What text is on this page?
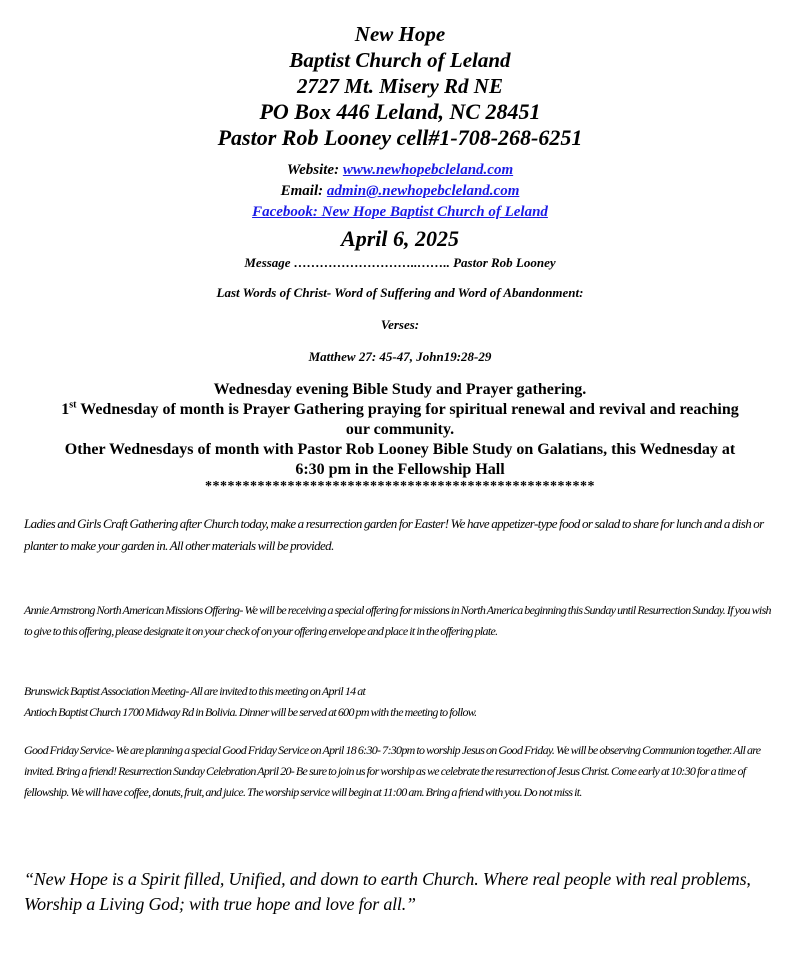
New Hope

Baptist Church of Leland

2727 Mt. Misery Rd NE

PO Box 446 Leland, NC 28451

Pastor Rob Looney cell#1-708-268-6251

Website: www.newhopebcleland.com

Email: admin@.newhopebcleland.com

Facebook: New Hope Baptist Church of Leland

April 6, 2025

Message ………………………..…….. Pastor Rob Looney

Last Words of Christ- Word of Suffering and Word of Abandonment:

Verses:

Matthew 27: 45-47, John19:28-29

Wednesday evening Bible Study and Prayer gathering.

1st Wednesday of month is Prayer Gathering praying for spiritual renewal and revival and reaching our community.

Other Wednesdays of month with Pastor Rob Looney Bible Study on Galatians, this Wednesday at 6:30 pm in the Fellowship Hall

****************************************************

Ladies and Girls Craft Gathering after Church today, make a resurrection garden for Easter! We have appetizer-type food or salad to share for lunch and a dish or planter to make your garden in. All other materials will be provided.

Annie Armstrong North American Missions Offering- We will be receiving a special offering for missions in North America beginning this Sunday until Resurrection Sunday. If you wish to give to this offering, please designate it on your check of on your offering envelope and place it in the offering plate.

Brunswick Baptist Association Meeting- All are invited to this meeting on April 14 at

Antioch Baptist Church 1700 Midway Rd in Bolivia. Dinner will be served at 600 pm with the meeting to follow.

Good Friday Service- We are planning a special Good Friday Service on April 18 6:30- 7:30pm to worship Jesus on Good Friday. We will be observing Communion together. All are invited. Bring a friend! Resurrection Sunday Celebration April 20- Be sure to join us for worship as we celebrate the resurrection of Jesus Christ. Come early at 10:30 for a time of fellowship. We will have coffee, donuts, fruit, and juice. The worship service will begin at 11:00 am. Bring a friend with you. Do not miss it.

“New Hope is a Spirit filled, Unified, and down to earth Church. Where real people with real problems, Worship a Living God; with true hope and love for all.”
